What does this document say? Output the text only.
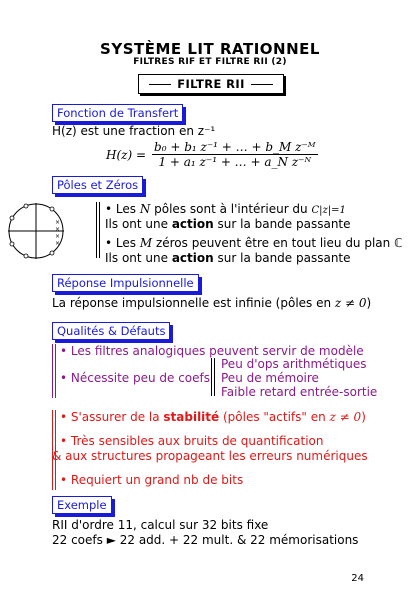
SYSTÈME LIT RATIONNEL
FILTRES RIF ET FILTRE RII (2)
FILTRE RII
Fonction de Transfert
H(z) est une fraction en z⁻¹
$H(z) = \frac{\text{b₀ + b₁ z⁻¹ + … + b\_M z⁻ᴹ}}{\text{1 + a₁ z⁻¹ + … + a\_N z⁻ᴺ}}$
Pôles et Zéros
×
×
×
×
• Les N pôles sont à l'intérieur du C|z|=1
Ils ont une action sur la bande passante
• Les M zéros peuvent être en tout lieu du plan ℂ
Ils ont une action sur la bande passante
Réponse Impulsionnelle
La réponse impulsionnelle est infinie (pôles en z ≠ 0)
Qualités & Défauts
• Les filtres analogiques peuvent servir de modèle
• Nécessite peu de coefs
Peu d'ops arithmétiques
Peu de mémoire
Faible retard entrée-sortie
• S'assurer de la stabilité (pôles "actifs" en z ≠ 0)
• Très sensibles aux bruits de quantification
& aux structures propageant les erreurs numériques
• Requiert un grand nb de bits
Exemple
RII d'ordre 11, calcul sur 32 bits fixe
22 coefs ► 22 add. + 22 mult. & 22 mémorisations
24
